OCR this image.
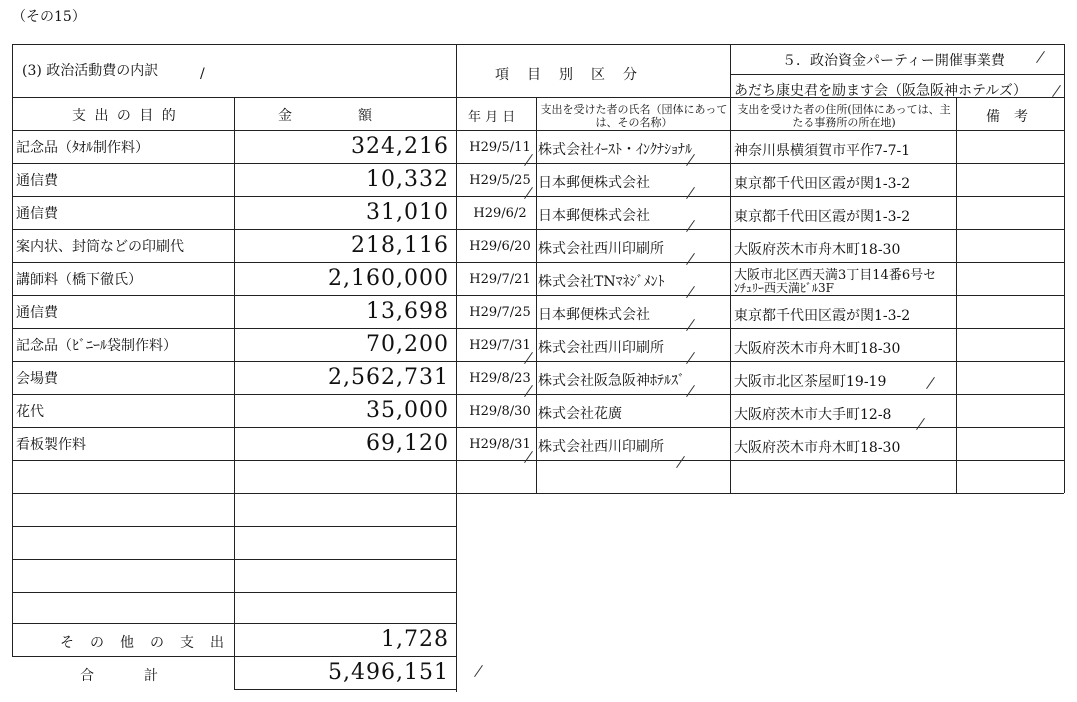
（その15）
(3) 政治活動費の内訳	/	項　目　別　区　分
５．政治資金パーティー開催事業費
あだち康史君を励ます会（阪急阪神ホテルズ）
支 出 の 目 的	金　　　　額	年 月 日
支出を受けた者の氏名（団体にあっては、その名称）
支出を受けた者の住所(団体にあっては、主たる事務所の所在地)	備　考
記念品（ﾀｵﾙ制作料）	324,216	H29/5/11 株式会社ｲｰｽﾄ・ｲﾝｸﾅｼｮﾅﾙ	神奈川県横須賀市平作7-7-1
通信費	10,332	H29/5/25 日本郵便株式会社	東京都千代田区霞が関1-3-2
通信費	31,010	H29/6/2 日本郵便株式会社	東京都千代田区霞が関1-3-2
案内状、封筒などの印刷代	218,116	H29/6/20 株式会社西川印刷所	大阪府茨木市舟木町18-30
講師料（橋下徹氏）	2,160,000	H29/7/21 株式会社TNﾏﾈｼﾞﾒﾝﾄ	大阪市北区西天満3丁目14番6号セ
ﾝﾁｭﾘｰ西天満ﾋﾞﾙ3F
通信費	13,698	H29/7/25 日本郵便株式会社	東京都千代田区霞が関1-3-2
記念品（ﾋﾞﾆｰﾙ袋制作料）	70,200	H29/7/31 株式会社西川印刷所	大阪府茨木市舟木町18-30
会場費	2,562,731	H29/8/23 株式会社阪急阪神ﾎﾃﾙｽﾞ	大阪市北区茶屋町19-19
花代	35,000	H29/8/30 株式会社花廣	大阪府茨木市大手町12-8
看板製作料	69,120	H29/8/31 株式会社西川印刷所	大阪府茨木市舟木町18-30
そ　の　他　の　支　出	1,728
合　　　計	5,496,151
